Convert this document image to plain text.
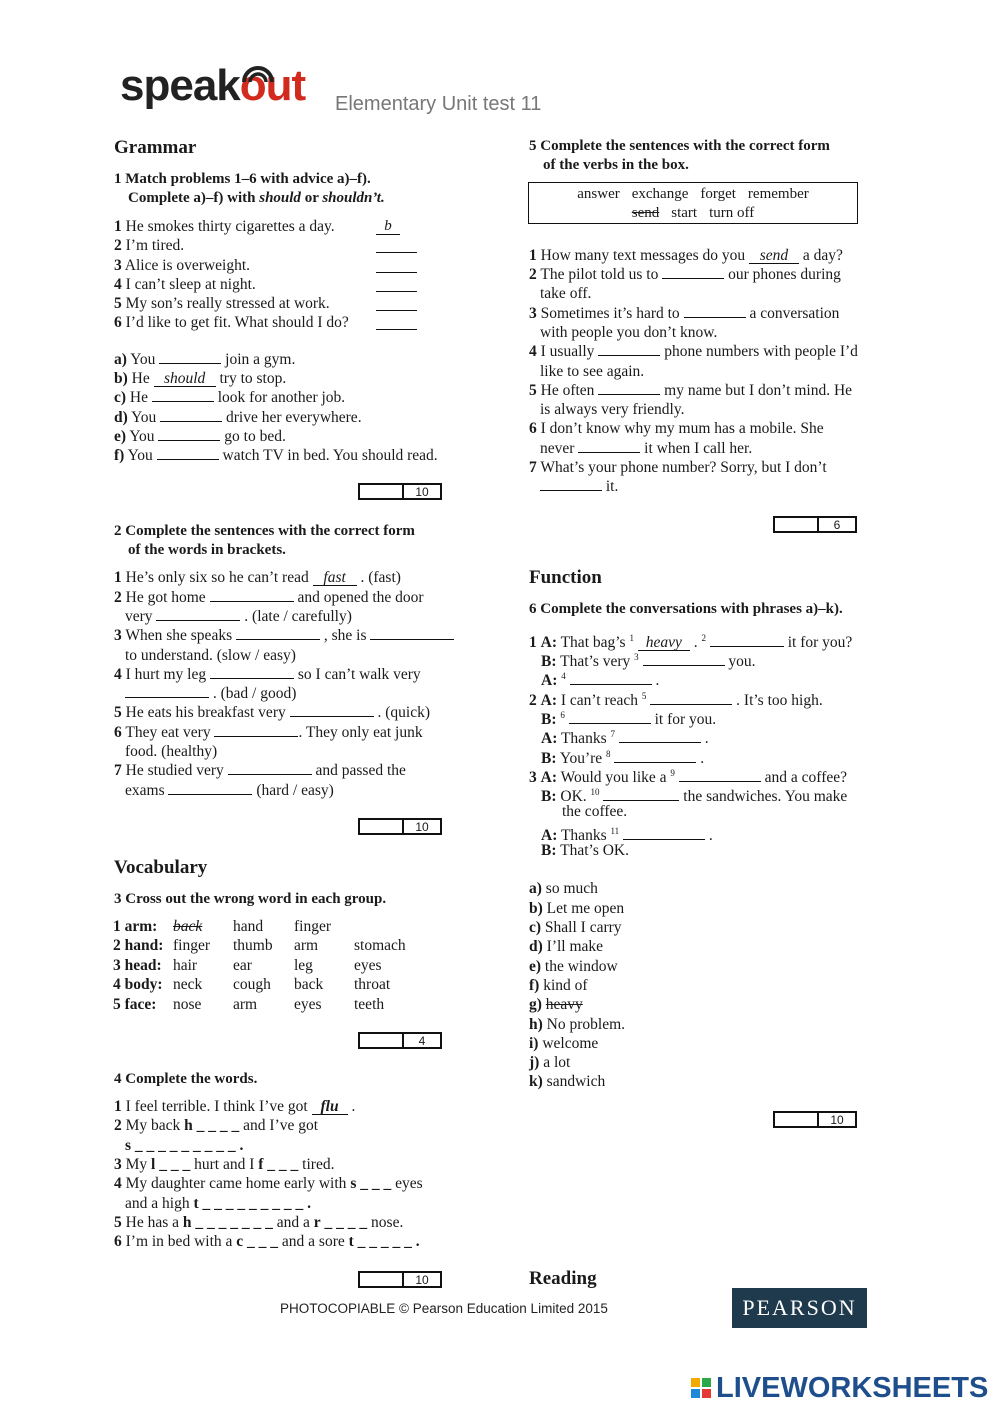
speakout Elementary Unit test 11
Grammar
1 Match problems 1–6 with advice a)–f).
Complete a)–f) with should or shouldn’t.
1 He smokes thirty cigarettes a day.	b
2 I’m tired.
3 Alice is overweight.
4 I can’t sleep at night.
5 My son’s really stressed at work.
6 I’d like to get fit. What should I do?
a) You	join a gym.
b) He should try to stop.
c) He	look for another job.
d) You	drive her everywhere.
e) You	go to bed.
f) You	watch TV in bed. You should read.
10
2 Complete the sentences with the correct form
of the words in brackets.
1 He’s only six so he can’t read fast . (fast)
2 He got home	and opened the door
very	. (late / carefully)
3 When she speaks	, she is
to understand. (slow / easy)
4 I hurt my leg	so I can’t walk very
. (bad / good)
5 He eats his breakfast very	. (quick)
6 They eat very	. They only eat junk
food. (healthy)
7 He studied very	and passed the
exams	(hard / easy)
10
Vocabulary
3 Cross out the wrong word in each group.
1 arm:	back	hand	finger	
2 hand:	finger	thumb	arm	stomach
3 head:	hair	ear	leg	eyes
4 body:	neck	cough	back	throat
5 face:	nose	arm	eyes	teeth
4
4 Complete the words.
1 I feel terrible. I think I’ve got flu .
2 My back h _ _ _ _ and I’ve got
s _ _ _ _ _ _ _ _ _ .
3 My l _ _ _ hurt and I f _ _ _ tired.
4 My daughter came home early with s _ _ _ eyes
and a high t _ _ _ _ _ _ _ _ _ .
5 He has a h _ _ _ _ _ _ _ and a r _ _ _ _ nose.
6 I’m in bed with a c _ _ _ and a sore t _ _ _ _ _ .
10
5 Complete the sentences with the correct form
of the verbs in the box.
answer exchange forget remember
send start turn off
1 How many text messages do you send a day?
2 The pilot told us to	our phones during
take off.
3 Sometimes it’s hard to	a conversation
with people you don’t know.
4 I usually	phone numbers with people I’d
like to see again.
5 He often	my name but I don’t mind. He
is always very friendly.
6 I don’t know why my mum has a mobile. She
never	it when I call her.
7 What’s your phone number? Sorry, but I don’t
it.
6
Function
6 Complete the conversations with phrases a)–k).
1 A: That bag’s $^1$ heavy . $^2$	it for you?
B: That’s very $^3$	you.
A: $^4$	.
2 A: I can’t reach $^5$	. It’s too high.
B: $^6$	it for you.
A: Thanks $^7$	.
B: You’re $^8$	.
3 A: Would you like a $^9$	and a coffee?
B: OK. $^{10}$	the sandwiches. You make
the coffee.
A: Thanks $^{11}$	.
B: That’s OK.
a) so much
b) Let me open
c) Shall I carry
d) I’ll make
e) the window
f) kind of
g) heavy
h) No problem.
i) welcome
j) a lot
k) sandwich
10
Reading
PHOTOCOPIABLE © Pearson Education Limited 2015	PEARSON
LIVEWORKSHEETS
